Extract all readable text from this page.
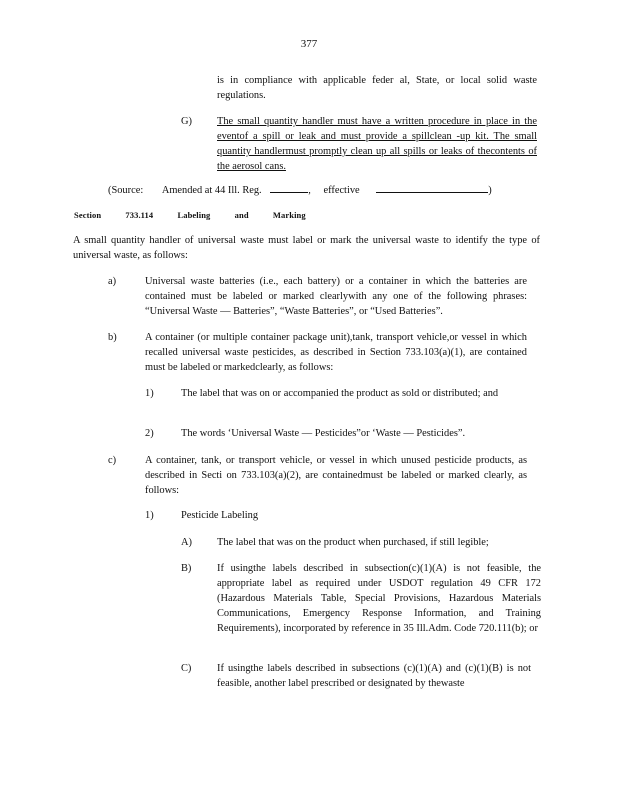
377
is in compliance with applicable feder al, State, or local solid waste regulations.
G) The small quantity handler must have a written procedure in place in the eventof a spill or leak and must provide a spillclean -up kit. The small quantity handlermust promptly clean up all spills or leaks of thecontents of the aerosol cans.
(Source: Amended at 44 Ill. Reg.	, effective	)
Section	733.114	Labeling	and	Marking
A small quantity handler of universal waste must label or mark the universal waste to identify the type of universal waste, as follows:
a)	Universal waste batteries (i.e., each battery) or a container in which the batteries are contained must be labeled or marked clearlywith any one of the following phrases: “Universal Waste — Batteries”, “Waste Batteries”, or “Used Batteries”.
b)	A container (or multiple container package unit),tank, transport vehicle,or vessel in which recalled universal waste pesticides, as described in Section 733.103(a)(1), are contained must be labeled or markedclearly, as follows:
1)	The label that was on or accompanied the product as sold or distributed; and
2)	The words ‘Universal Waste — Pesticides”or ‘Waste — Pesticides”.
c)	A container, tank, or transport vehicle, or vessel in which unused pesticide products, as described in Secti on 733.103(a)(2), are containedmust be labeled or marked clearly, as follows:
1)	Pesticide Labeling
A) The label that was on the product when purchased, if still legible;
B) If usingthe labels described in subsection(c)(1)(A) is not feasible, the appropriate label as required under USDOT regulation 49 CFR 172 (Hazardous Materials Table, Special Provisions, Hazardous Materials Communications, Emergency Response Information, and Training Requirements), incorporated by reference in 35 Ill.Adm. Code 720.111(b); or
C) If usingthe labels described in subsections (c)(1)(A) and (c)(1)(B) is not feasible, another label prescribed or designated by thewaste
